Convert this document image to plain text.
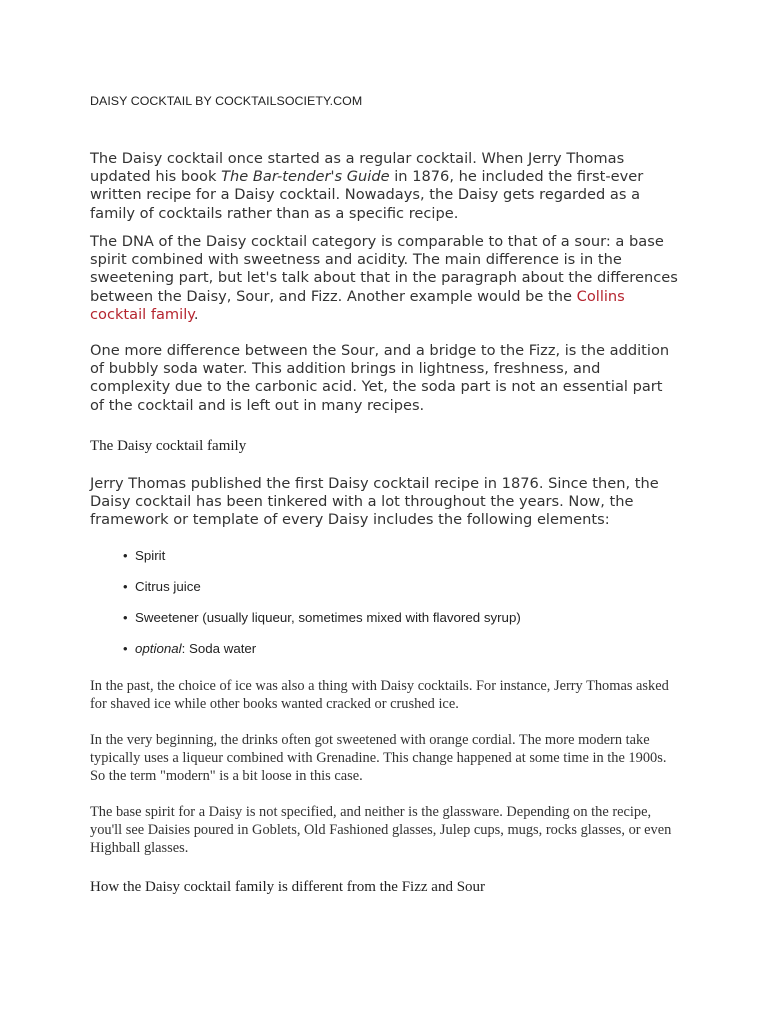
DAISY COCKTAIL BY COCKTAILSOCIETY.COM

The Daisy cocktail once started as a regular cocktail. When Jerry Thomas updated his book The Bar-tender's Guide in 1876, he included the first-ever written recipe for a Daisy cocktail. Nowadays, the Daisy gets regarded as a family of cocktails rather than as a specific recipe.

The DNA of the Daisy cocktail category is comparable to that of a sour: a base spirit combined with sweetness and acidity. The main difference is in the sweetening part, but let's talk about that in the paragraph about the differences between the Daisy, Sour, and Fizz. Another example would be the Collins cocktail family.

One more difference between the Sour, and a bridge to the Fizz, is the addition of bubbly soda water. This addition brings in lightness, freshness, and complexity due to the carbonic acid. Yet, the soda part is not an essential part of the cocktail and is left out in many recipes.

The Daisy cocktail family

Jerry Thomas published the first Daisy cocktail recipe in 1876. Since then, the Daisy cocktail has been tinkered with a lot throughout the years. Now, the framework or template of every Daisy includes the following elements:

• Spirit
• Citrus juice
• Sweetener (usually liqueur, sometimes mixed with flavored syrup)
• optional: Soda water

In the past, the choice of ice was also a thing with Daisy cocktails. For instance, Jerry Thomas asked for shaved ice while other books wanted cracked or crushed ice.

In the very beginning, the drinks often got sweetened with orange cordial. The more modern take typically uses a liqueur combined with Grenadine. This change happened at some time in the 1900s. So the term "modern" is a bit loose in this case.

The base spirit for a Daisy is not specified, and neither is the glassware. Depending on the recipe, you'll see Daisies poured in Goblets, Old Fashioned glasses, Julep cups, mugs, rocks glasses, or even Highball glasses.

How the Daisy cocktail family is different from the Fizz and Sour
